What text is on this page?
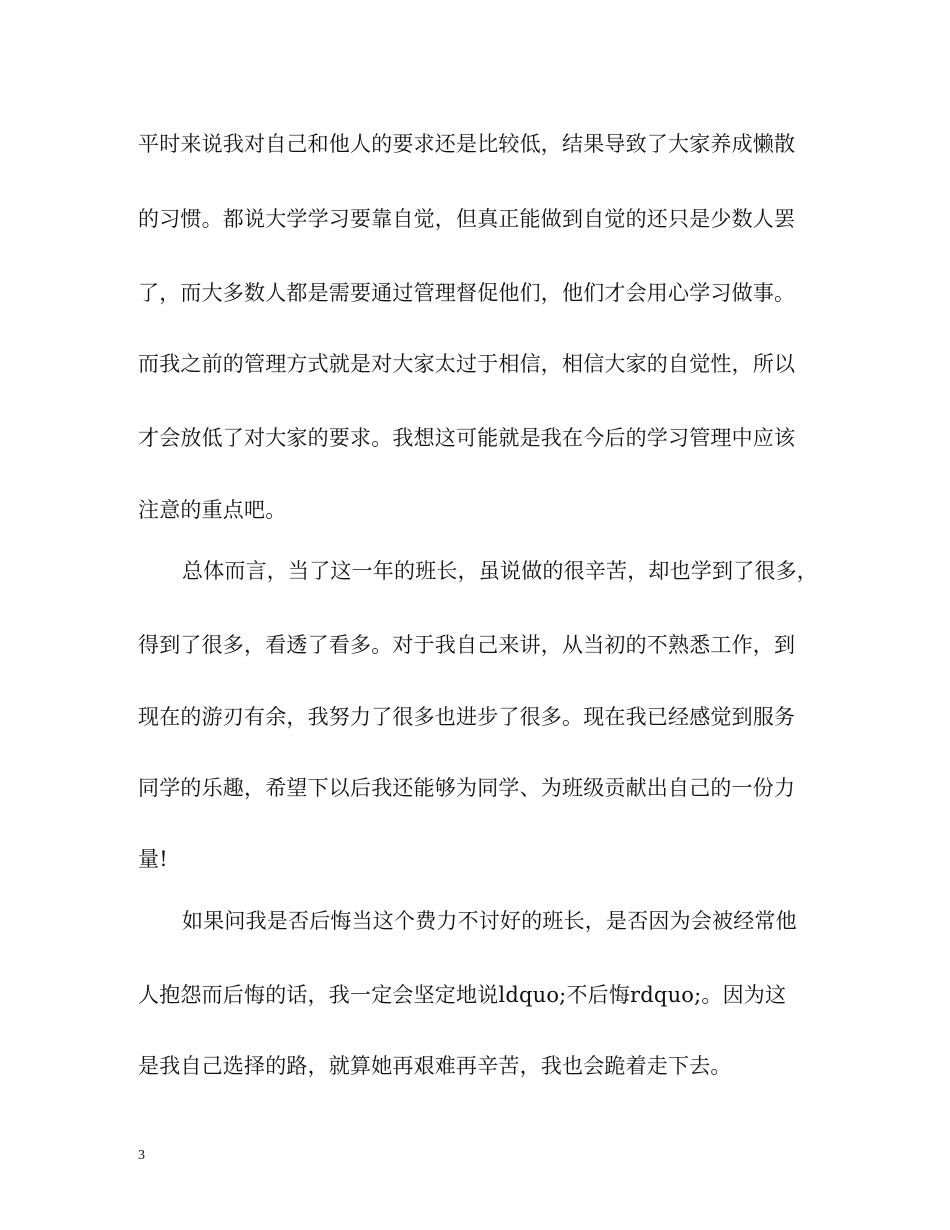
平时来说我对自己和他人的要求还是比较低，结果导致了大家养成懒散
的习惯。都说大学学习要靠自觉，但真正能做到自觉的还只是少数人罢
了，而大多数人都是需要通过管理督促他们，他们才会用心学习做事。
而我之前的管理方式就是对大家太过于相信，相信大家的自觉性，所以
才会放低了对大家的要求。我想这可能就是我在今后的学习管理中应该
注意的重点吧。
总体而言，当了这一年的班长，虽说做的很辛苦，却也学到了很多，
得到了很多，看透了看多。对于我自己来讲，从当初的不熟悉工作，到
现在的游刃有余，我努力了很多也进步了很多。现在我已经感觉到服务
同学的乐趣，希望下以后我还能够为同学、为班级贡献出自己的一份力
量!
如果问我是否后悔当这个费力不讨好的班长，是否因为会被经常他
人抱怨而后悔的话，我一定会坚定地说ldquo;不后悔rdquo;。因为这
是我自己选择的路，就算她再艰难再辛苦，我也会跪着走下去。
3
